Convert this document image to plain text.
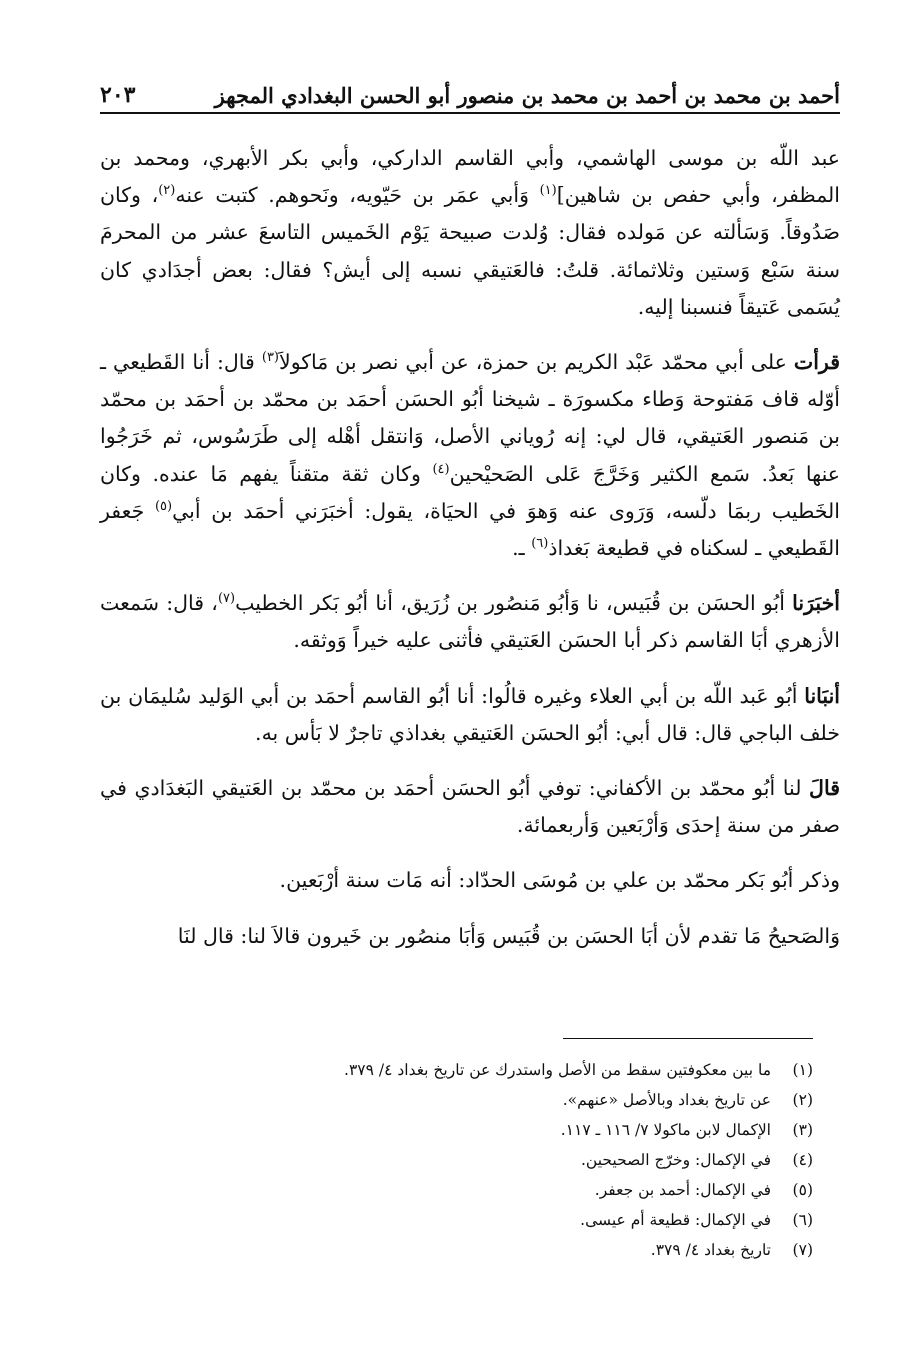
أحمد بن محمد بن أحمد بن محمد بن منصور أبو الحسن البغدادي المجهز
٢٠٣

عبد اللّه بن موسى الهاشمي، وأبي القاسم الداركي، وأبي بكر الأبهري، ومحمد بن المظفر، وأبي حفص بن شاهين]$^{(١)}$ وَأبي عمَر بن حَيّويه، ونَحوهم. كتبت عنه$^{(٢)}$، وكان صَدُوقاً. وَسَألته عن مَولده فقال: وُلدت صبيحة يَوْم الخَميس التاسعَ عشر من المحرمَ سنة سَبْع وَستين وثلاثمائة. قلتُ: فالعَتيقي نسبه إلى أيش؟ فقال: بعض أجدَادي كان يُسَمى عَتيقاً فنسبنا إليه.

قرأت على أبي محمّد عَبْد الكريم بن حمزة، عن أبي نصر بن مَاكولاَ$^{(٣)}$ قال: أنا القَطيعي ـ أوّله قاف مَفتوحة وَطاء مكسورَة ـ شيخنا أبُو الحسَن أحمَد بن محمّد بن أحمَد بن محمّد بن مَنصور العَتيقي، قال لي: إنه رُوياني الأصل، وَانتقل أهْله إلى طَرَسُوس، ثم خَرَجُوا عنها بَعدُ. سَمع الكثير وَخَرَّجَ عَلى الصَحيْحين$^{(٤)}$ وكان ثقة متقناً يفهم مَا عنده. وكان الخَطيب ربمَا دلّسه، وَرَوى عنه وَهوَ في الحيَاة، يقول: أخبَرَني أحمَد بن أبي$^{(٥)}$ جَعفر القَطيعي ـ لسكناه في قطيعة بَغداذ$^{(٦)}$ ـ.

أخبَرَنا أبُو الحسَن بن قُبَيس، نا وَأبُو مَنصُور بن زُرَيق، أنا أبُو بَكر الخطيب$^{(٧)}$، قال: سَمعت الأزهري أبَا القاسم ذكر أبا الحسَن العَتيقي فأثنى عليه خيراً وَوثقه.

أنبَانا أبُو عَبد اللّه بن أبي العلاء وغيره قالُوا: أنا أبُو القاسم أحمَد بن أبي الوَليد سُليمَان بن خلف الباجي قال: قال أبي: أبُو الحسَن العَتيقي بغداذي تاجرٌ لا بَأس به.

قالَ لنا أبُو محمّد بن الأكفاني: توفي أبُو الحسَن أحمَد بن محمّد بن العَتيقي البَغدَادي في صفر من سنة إحدَى وَأرْبَعين وَأربعمائة.

وذكر أبُو بَكر محمّد بن علي بن مُوسَى الحدّاد: أنه مَات سنة أرْبَعين.

وَالصَحيحُ مَا تقدم لأن أبَا الحسَن بن قُبَيس وَأبَا منصُور بن خَيرون قالاَ لنا: قال لنَا

(١)
ما بين معكوفتين سقط من الأصل واستدرك عن تاريخ بغداد ٤/ ٣٧٩.
(٢)
عن تاريخ بغداد وبالأصل «عنهم».
(٣)
الإكمال لابن ماكولا ٧/ ١١٦ ـ ١١٧.
(٤)
في الإكمال: وخرّج الصحيحين.
(٥)
في الإكمال: أحمد بن جعفر.
(٦)
في الإكمال: قطيعة أم عيسى.
(٧)
تاريخ بغداد ٤/ ٣٧٩.
